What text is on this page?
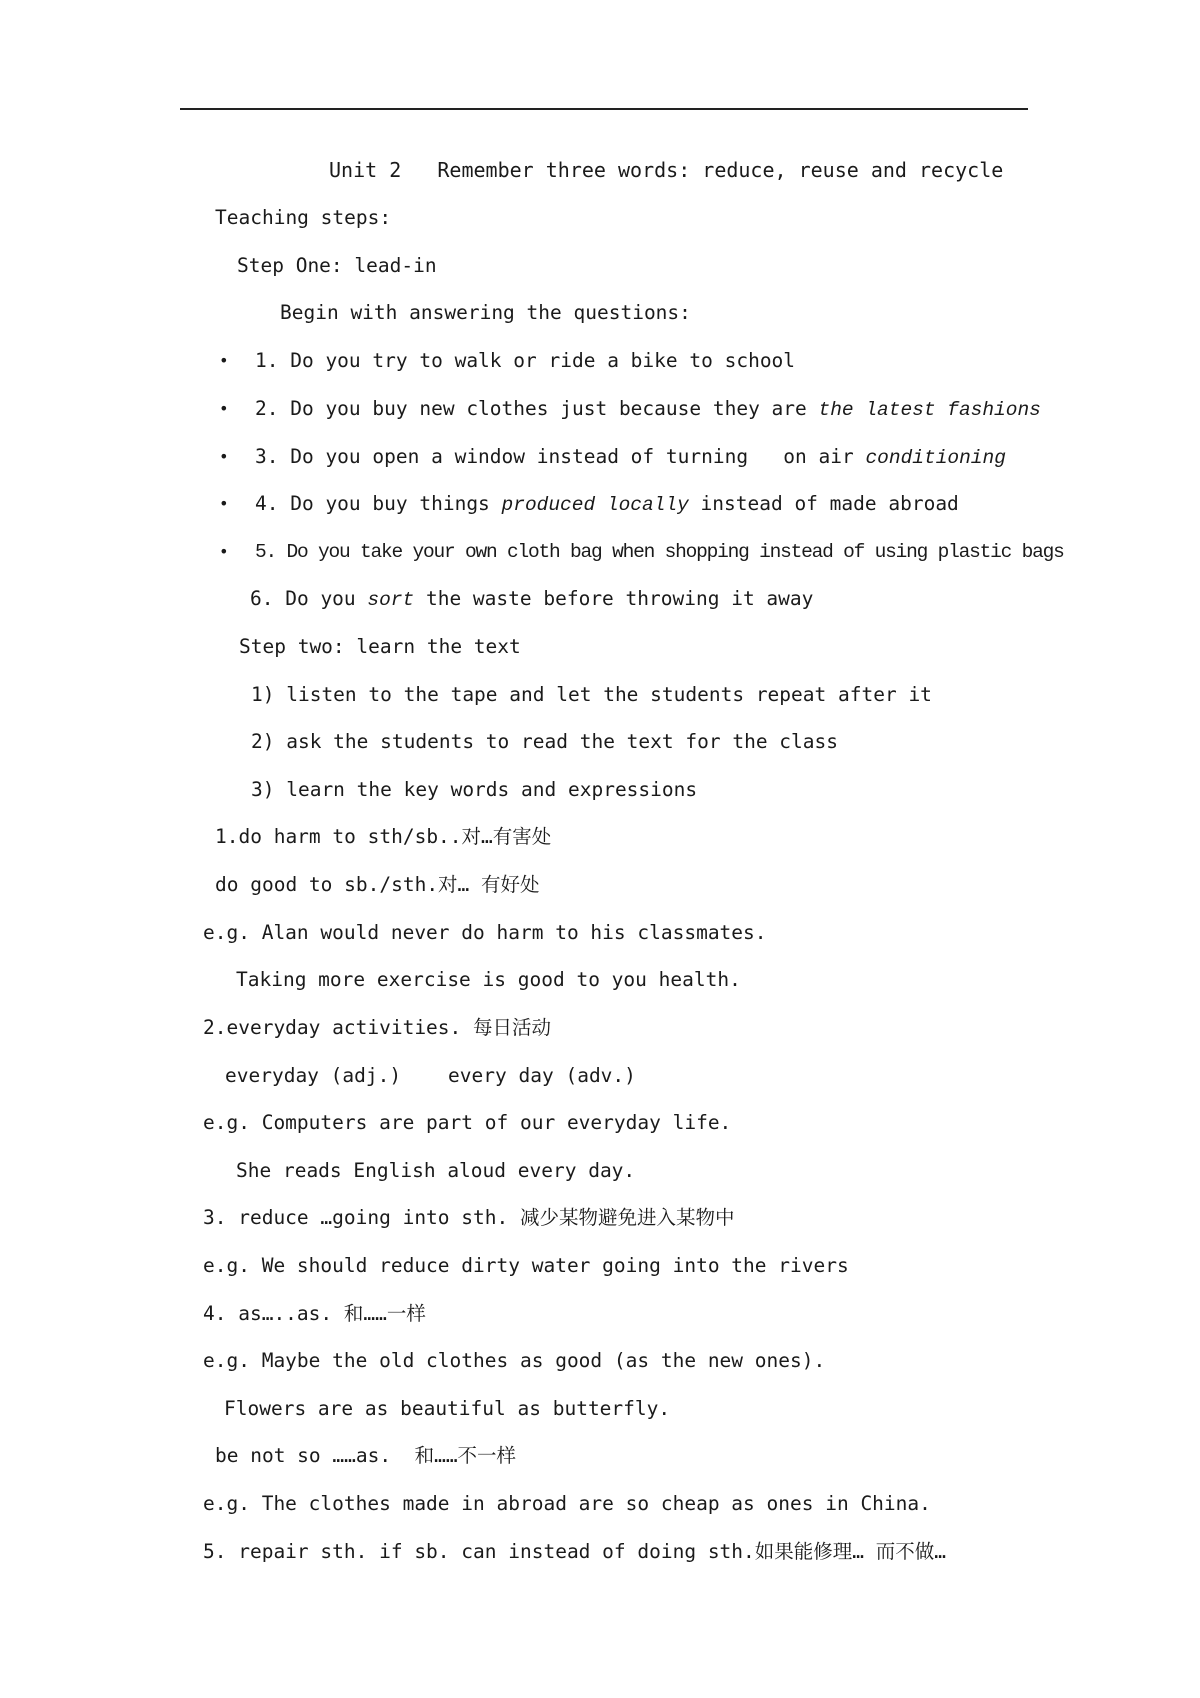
Unit 2   Remember three words: reduce, reuse and recycle
Teaching steps:
Step One: lead-in
Begin with answering the questions:
• 1. Do you try to walk or ride a bike to school
• 2. Do you buy new clothes just because they are the latest fashions
• 3. Do you open a window instead of turning   on air conditioning
• 4. Do you buy things produced locally instead of made abroad
• 5. Do you take your own cloth bag when shopping instead of using plastic bags
6. Do you sort the waste before throwing it away
Step two: learn the text
1) listen to the tape and let the students repeat after it
2) ask the students to read the text for the class
3) learn the key words and expressions
1.do harm to sth/sb..对…有害处
do good to sb./sth.对… 有好处
e.g. Alan would never do harm to his classmates.
Taking more exercise is good to you health.
2.everyday activities. 每日活动
everyday (adj.)    every day (adv.)
e.g. Computers are part of our everyday life.
She reads English aloud every day.
3. reduce …going into sth. 减少某物避免进入某物中
e.g. We should reduce dirty water going into the rivers
4. as…..as. 和……一样
e.g. Maybe the old clothes as good (as the new ones).
Flowers are as beautiful as butterfly.
be not so ……as.  和……不一样
e.g. The clothes made in abroad are so cheap as ones in China.
5. repair sth. if sb. can instead of doing sth.如果能修理… 而不做…
